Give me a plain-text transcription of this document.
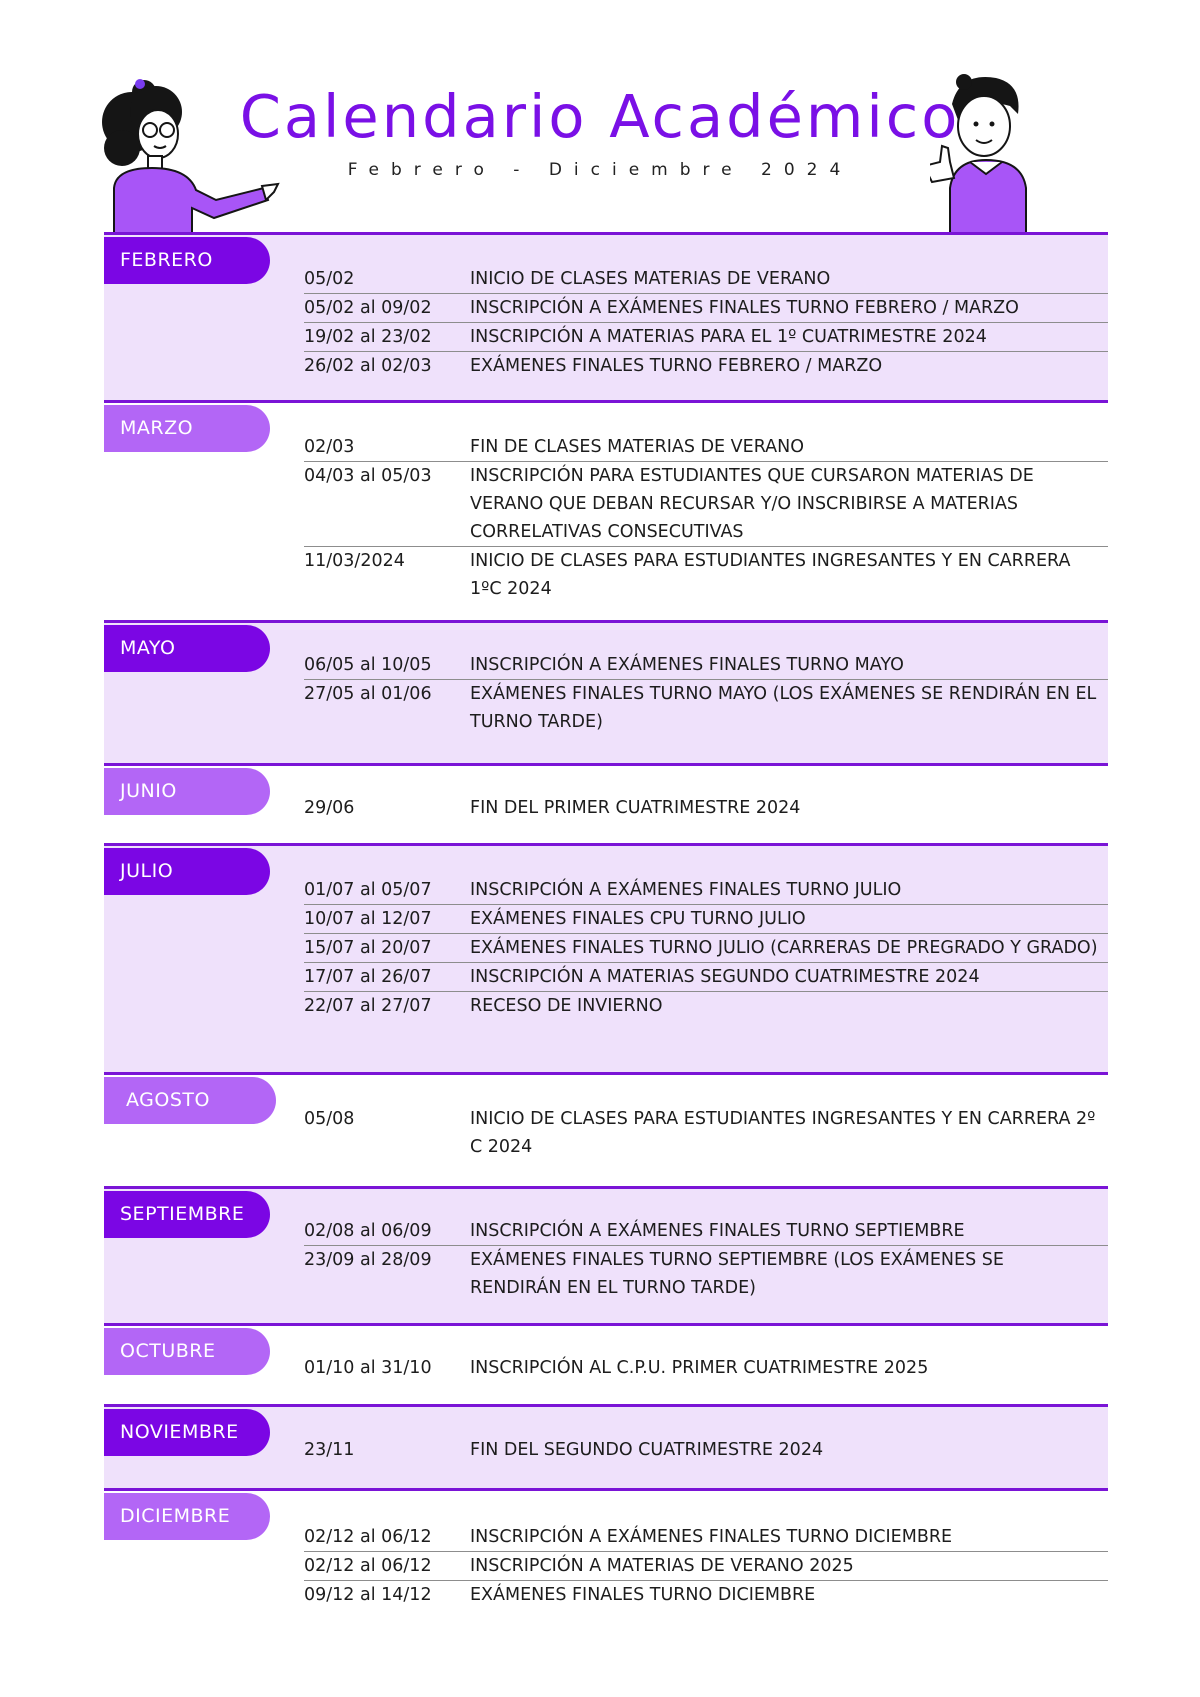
Calendario Académico

Febrero - Diciembre 2024

FEBRERO
05/02	INICIO DE CLASES MATERIAS DE VERANO
05/02 al 09/02	INSCRIPCIÓN A EXÁMENES FINALES TURNO FEBRERO / MARZO
19/02 al 23/02	INSCRIPCIÓN A MATERIAS PARA EL 1º CUATRIMESTRE 2024
26/02 al 02/03	EXÁMENES FINALES TURNO FEBRERO / MARZO
MARZO
02/03	FIN DE CLASES MATERIAS DE VERANO
04/03 al 05/03	INSCRIPCIÓN PARA ESTUDIANTES QUE CURSARON MATERIAS DE VERANO QUE DEBAN RECURSAR Y/O INSCRIBIRSE A MATERIAS CORRELATIVAS CONSECUTIVAS
11/03/2024	INICIO DE CLASES PARA ESTUDIANTES INGRESANTES Y EN CARRERA 1ºC 2024
MAYO
06/05 al 10/05	INSCRIPCIÓN A EXÁMENES FINALES TURNO MAYO
27/05 al 01/06	EXÁMENES FINALES TURNO MAYO (LOS EXÁMENES SE RENDIRÁN EN EL TURNO TARDE)
JUNIO
29/06	FIN DEL PRIMER CUATRIMESTRE 2024
JULIO
01/07 al 05/07	INSCRIPCIÓN A EXÁMENES FINALES TURNO JULIO
10/07 al 12/07	EXÁMENES FINALES CPU TURNO JULIO
15/07 al 20/07	EXÁMENES FINALES TURNO JULIO (CARRERAS DE PREGRADO Y GRADO)
17/07 al 26/07	INSCRIPCIÓN A MATERIAS SEGUNDO CUATRIMESTRE 2024
22/07 al 27/07	RECESO DE INVIERNO
AGOSTO
05/08	INICIO DE CLASES PARA ESTUDIANTES INGRESANTES Y EN CARRERA 2º C 2024
SEPTIEMBRE
02/08 al 06/09	INSCRIPCIÓN A EXÁMENES FINALES TURNO SEPTIEMBRE
23/09 al 28/09	EXÁMENES FINALES TURNO SEPTIEMBRE (LOS EXÁMENES SE RENDIRÁN EN EL TURNO TARDE)
OCTUBRE
01/10 al 31/10	INSCRIPCIÓN AL C.P.U. PRIMER CUATRIMESTRE 2025
NOVIEMBRE
23/11	FIN DEL SEGUNDO CUATRIMESTRE 2024
DICIEMBRE
02/12 al 06/12	INSCRIPCIÓN A EXÁMENES FINALES TURNO DICIEMBRE
02/12 al 06/12	INSCRIPCIÓN A MATERIAS DE VERANO 2025
09/12 al 14/12	EXÁMENES FINALES TURNO DICIEMBRE
